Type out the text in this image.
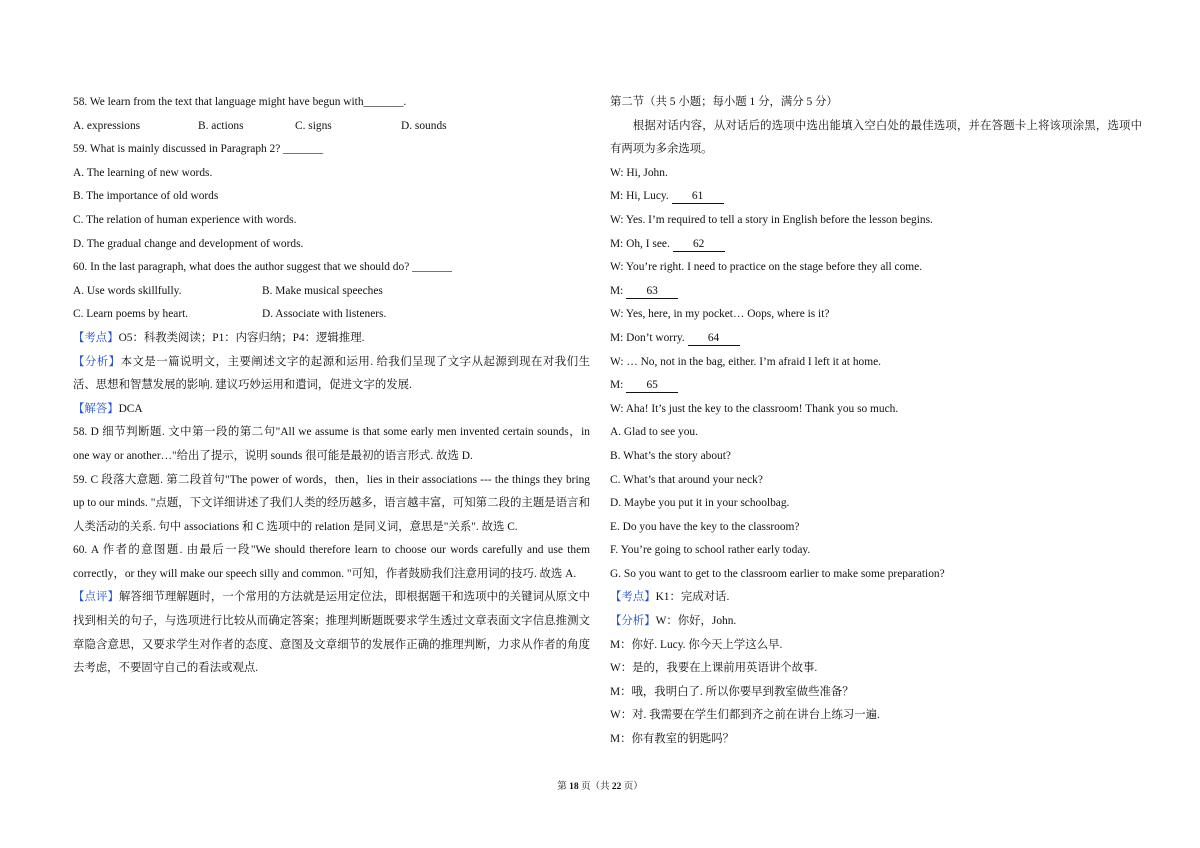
58. We learn from the text that language might have begun with_______.
A. expressions	B. actions	C. signs	D. sounds
59. What is mainly discussed in Paragraph 2? _______
A. The learning of new words.
B. The importance of old words
C. The relation of human experience with words.
D. The gradual change and development of words.
60. In the last paragraph, what does the author suggest that we should do? _______
A. Use words skillfully.	B. Make musical speeches
C. Learn poems by heart.	D. Associate with listeners.
【考点】O5：科教类阅读；P1：内容归纳；P4：逻辑推理.
【分析】本文是一篇说明文，主要阐述文字的起源和运用. 给我们呈现了文字从起源到现在对我们生活、思想和智慧发展的影响. 建议巧妙运用和遣词，促进文字的发展.
【解答】DCA
58. D 细节判断题. 文中第一段的第二句"All we assume is that some early men invented certain sounds，in one way or another…"给出了提示，说明 sounds 很可能是最初的语言形式. 故选 D.
59. C 段落大意题. 第二段首句"The power of words，then，lies in their associations --- the things they bring up to our minds. "点题，下文详细讲述了我们人类的经历越多，语言越丰富，可知第二段的主题是语言和人类活动的关系. 句中 associations 和 C 选项中的 relation 是同义词，意思是"关系". 故选 C.
60. A 作者的意图题. 由最后一段"We should therefore learn to choose our words carefully and use them correctly，or they will make our speech silly and common. "可知，作者鼓励我们注意用词的技巧. 故选 A.
【点评】解答细节理解题时，一个常用的方法就是运用定位法，即根据题干和选项中的关键词从原文中找到相关的句子，与选项进行比较从而确定答案；推理判断题既要求学生透过文章表面文字信息推测文章隐含意思，又要求学生对作者的态度、意图及文章细节的发展作正确的推理判断，力求从作者的角度去考虑，不要固守自己的看法或观点.
第二节（共 5 小题；每小题 1 分，满分 5 分）
根据对话内容，从对话后的选项中选出能填入空白处的最佳选项，并在答题卡上将该项涂黑，选项中有两项为多余选项。
W: Hi, John.
M: Hi, Lucy. 61
W: Yes. I’m required to tell a story in English before the lesson begins.
M: Oh, I see. 62
W: You’re right. I need to practice on the stage before they all come.
M: 63
W: Yes, here, in my pocket… Oops, where is it?
M: Don’t worry. 64
W: … No, not in the bag, either. I’m afraid I left it at home.
M: 65
W: Aha! It’s just the key to the classroom! Thank you so much.
A. Glad to see you.
B. What’s the story about?
C. What’s that around your neck?
D. Maybe you put it in your schoolbag.
E. Do you have the key to the classroom?
F. You’re going to school rather early today.
G. So you want to get to the classroom earlier to make some preparation?
【考点】K1：完成对话.
【分析】W：你好，John.
M：你好. Lucy. 你今天上学这么早.
W：是的，我要在上课前用英语讲个故事.
M：哦，我明白了. 所以你要早到教室做些准备？
W：对. 我需要在学生们都到齐之前在讲台上练习一遍.
M：你有教室的钥匙吗？
第 18 页（共 22 页）
